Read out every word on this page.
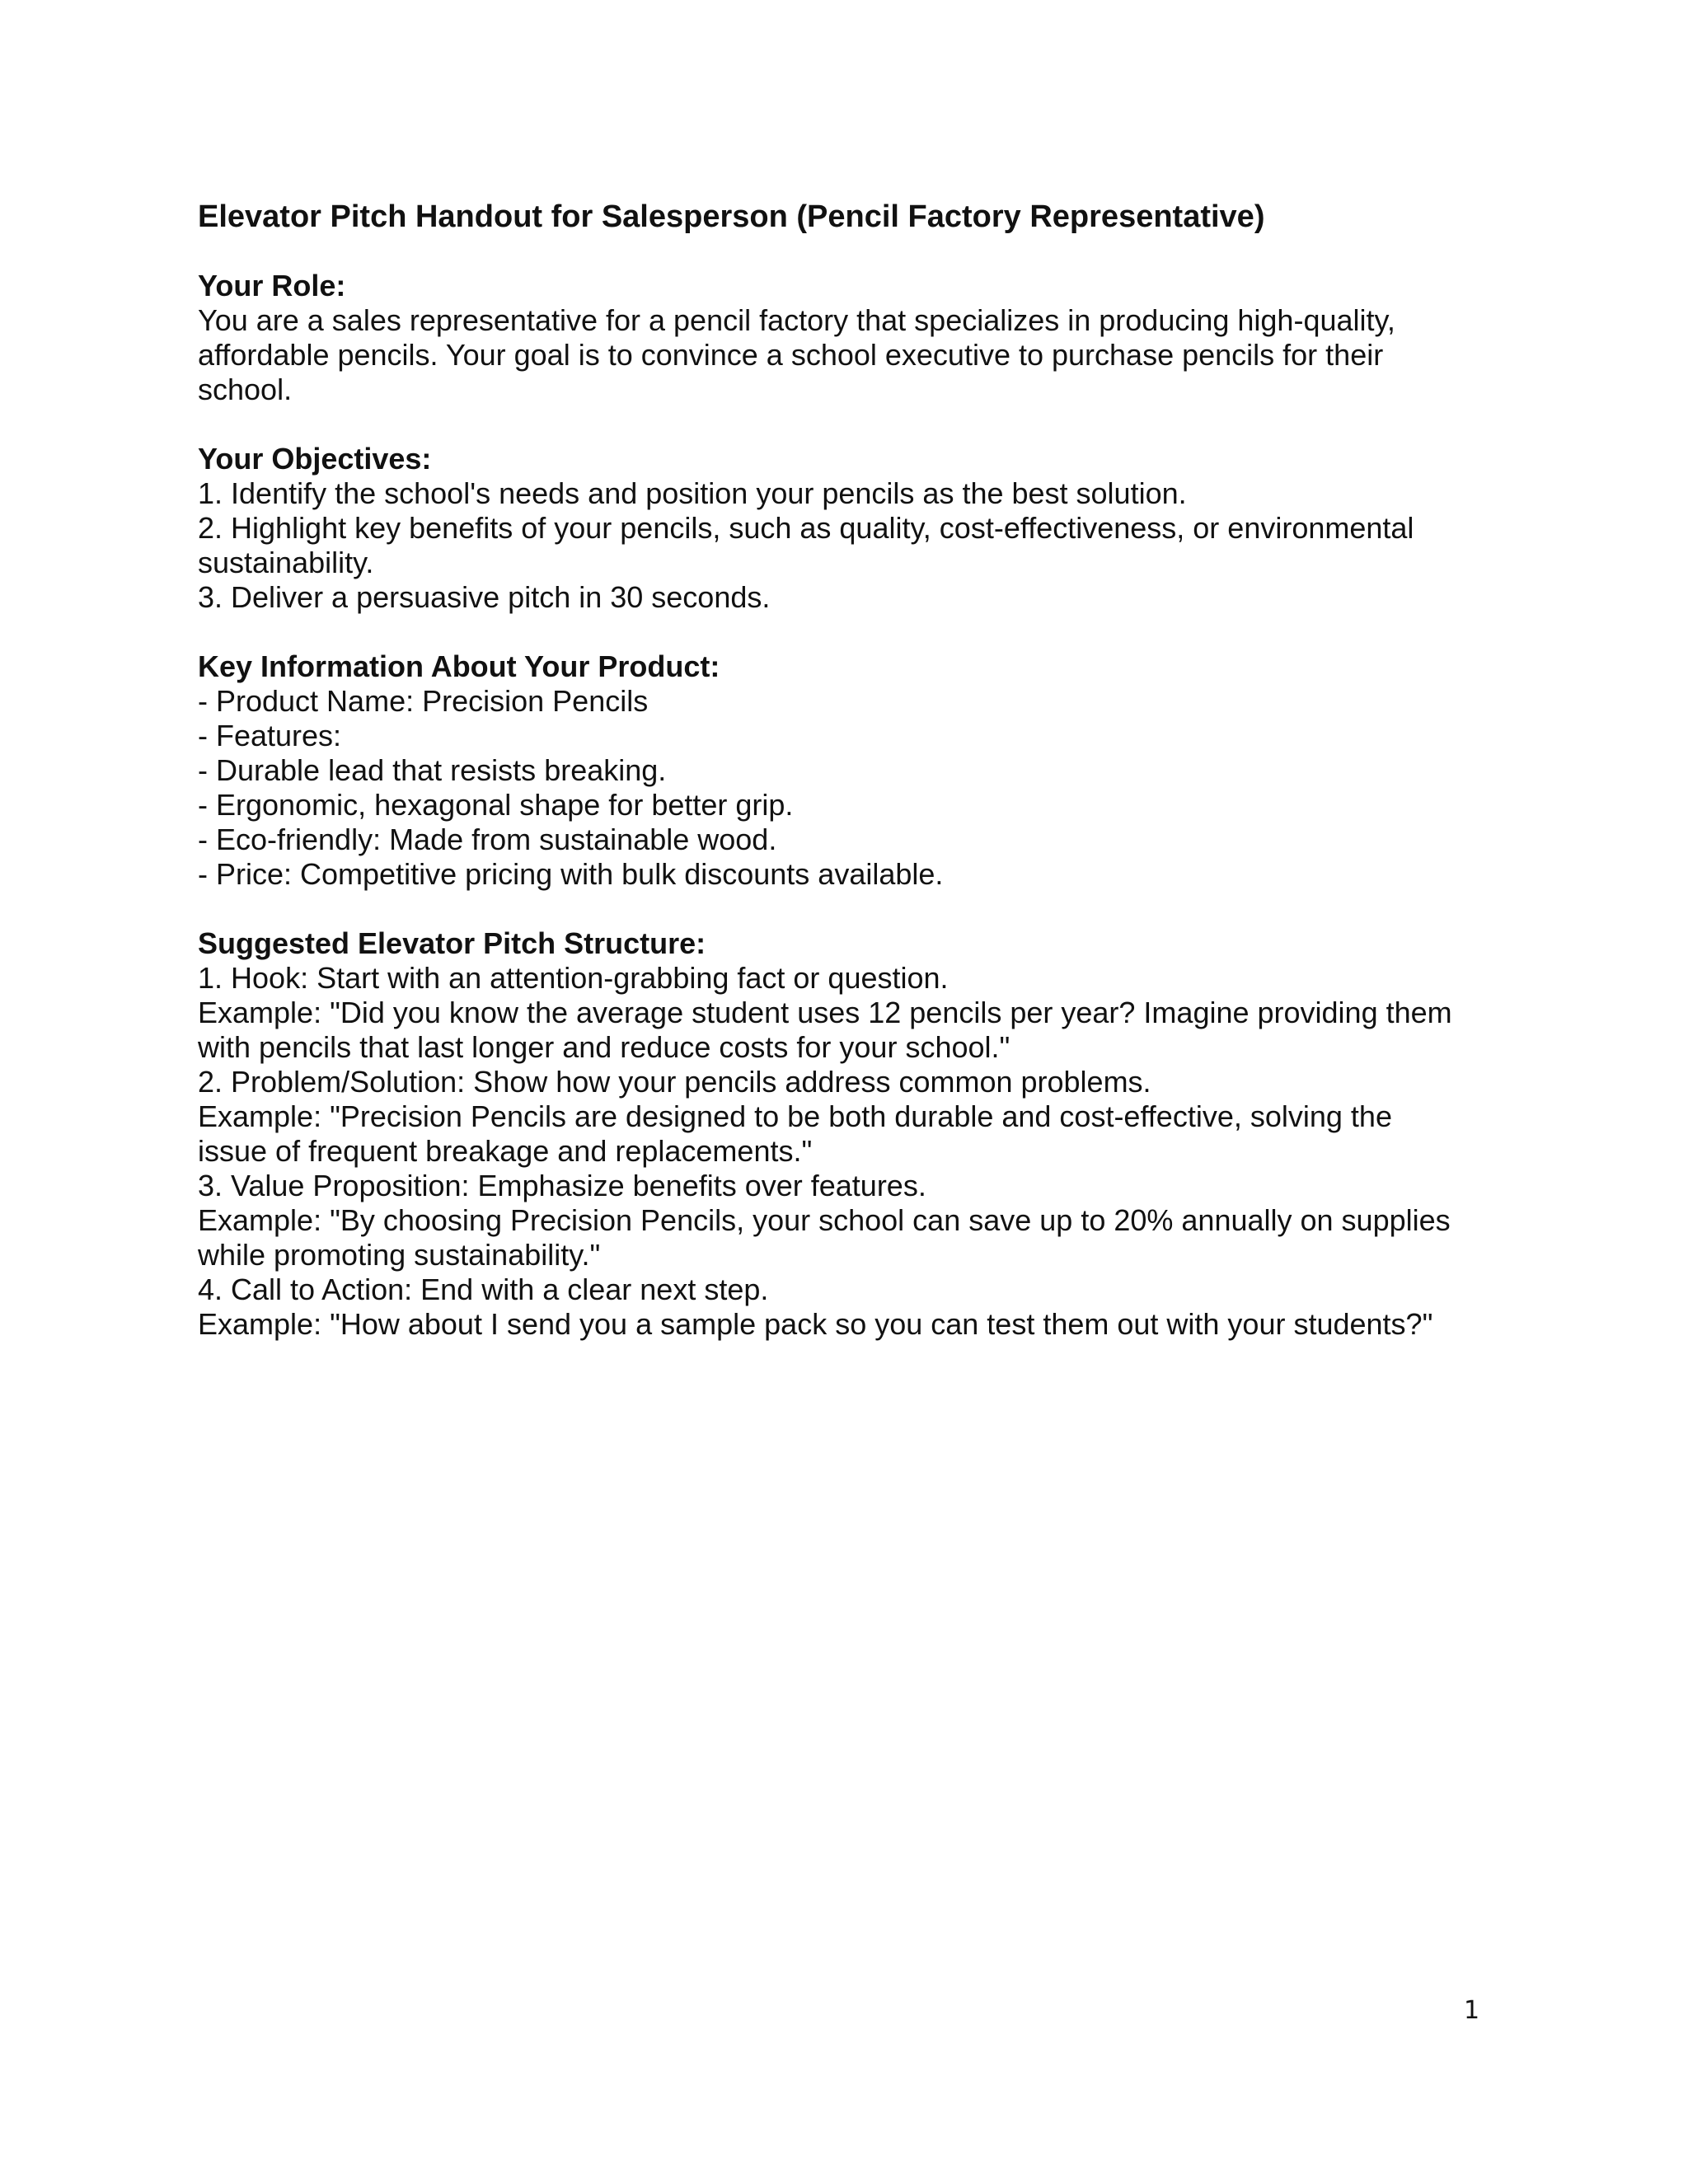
Elevator Pitch Handout for Salesperson (Pencil Factory Representative)
Your Role:
You are a sales representative for a pencil factory that specializes in producing high-quality,
affordable pencils. Your goal is to convince a school executive to purchase pencils for their
school.
Your Objectives:
1. Identify the school's needs and position your pencils as the best solution.
2. Highlight key benefits of your pencils, such as quality, cost-effectiveness, or environmental
sustainability.
3. Deliver a persuasive pitch in 30 seconds.
Key Information About Your Product:
- Product Name: Precision Pencils
- Features:
- Durable lead that resists breaking.
- Ergonomic, hexagonal shape for better grip.
- Eco-friendly: Made from sustainable wood.
- Price: Competitive pricing with bulk discounts available.
Suggested Elevator Pitch Structure:
1. Hook: Start with an attention-grabbing fact or question.
Example: "Did you know the average student uses 12 pencils per year? Imagine providing them
with pencils that last longer and reduce costs for your school."
2. Problem/Solution: Show how your pencils address common problems.
Example: "Precision Pencils are designed to be both durable and cost-effective, solving the
issue of frequent breakage and replacements."
3. Value Proposition: Emphasize benefits over features.
Example: "By choosing Precision Pencils, your school can save up to 20% annually on supplies
while promoting sustainability."
4. Call to Action: End with a clear next step.
Example: "How about I send you a sample pack so you can test them out with your students?"
1
